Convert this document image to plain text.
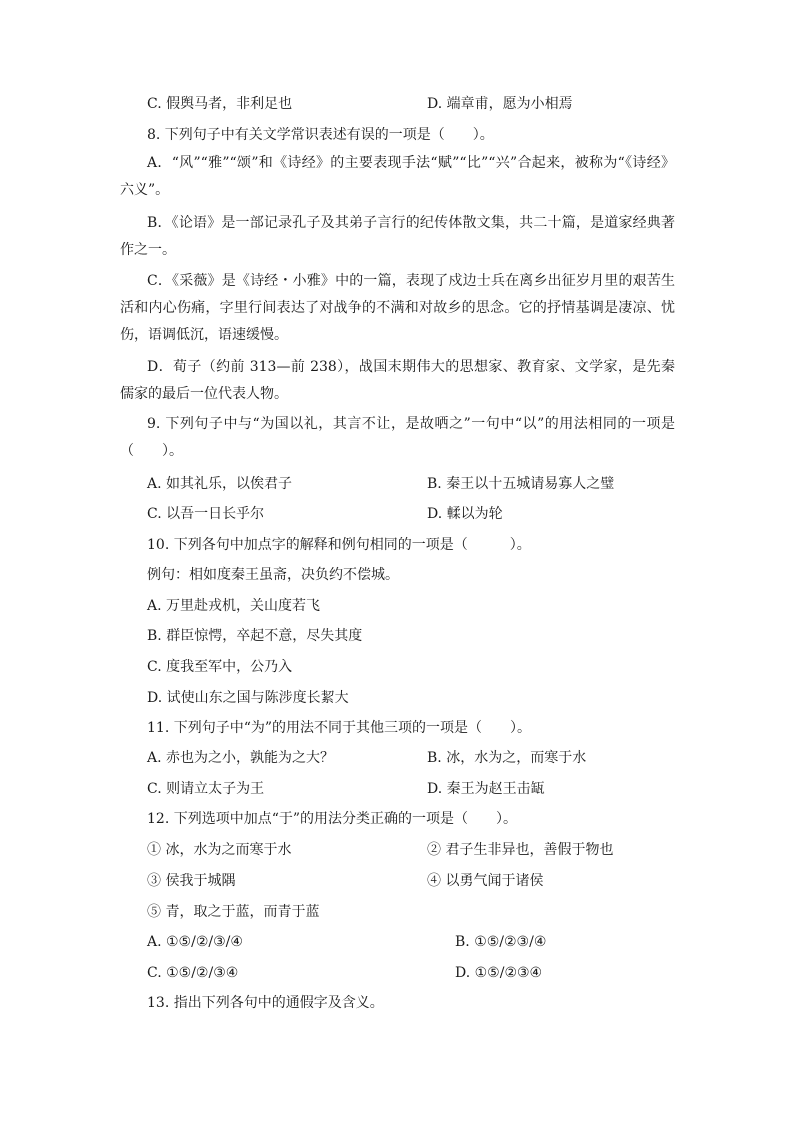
C. 假舆马者，非利足也	D. 端章甫，愿为小相焉
8. 下列句子中有关文学常识表述有误的一项是（　　）。
A．“风”“雅”“颂”和《诗经》的主要表现手法“赋”“比”“兴”合起来，被称为“《诗经》六义”。
B．《论语》是一部记录孔子及其弟子言行的纪传体散文集，共二十篇，是道家经典著作之一。
C．《采薇》是《诗经・小雅》中的一篇，表现了戍边士兵在离乡出征岁月里的艰苦生活和内心伤痛，字里行间表达了对战争的不满和对故乡的思念。它的抒情基调是凄凉、忧伤，语调低沉，语速缓慢。
D．荀子（约前 313—前 238），战国末期伟大的思想家、教育家、文学家，是先秦儒家的最后一位代表人物。
9. 下列句子中与“为国以礼，其言不让，是故哂之”一句中“以”的用法相同的一项是（　　）。
A. 如其礼乐，以俟君子	B. 秦王以十五城请易寡人之璧
C. 以吾一日长乎尔	D. 輮以为轮
10. 下列各句中加点字的解释和例句相同的一项是（　　　）。
例句：相如度秦王虽斋，决负约不偿城。
A. 万里赴戎机，关山度若飞
B. 群臣惊愕，卒起不意，尽失其度
C. 度我至军中，公乃入
D. 试使山东之国与陈涉度长絜大
11. 下列句子中“为”的用法不同于其他三项的一项是（　　）。
A. 赤也为之小，孰能为之大？	B. 冰，水为之，而寒于水
C. 则请立太子为王	D. 秦王为赵王击缻
12. 下列选项中加点“于”的用法分类正确的一项是（　　）。
① 冰，水为之而寒于水	② 君子生非异也，善假于物也
③ 侯我于城隅	④ 以勇气闻于诸侯
⑤ 青，取之于蓝，而青于蓝
A. ①⑤/②/③/④	B. ①⑤/②③/④
C. ①⑤/②/③④	D. ①⑤/②③④
13. 指出下列各句中的通假字及含义。
